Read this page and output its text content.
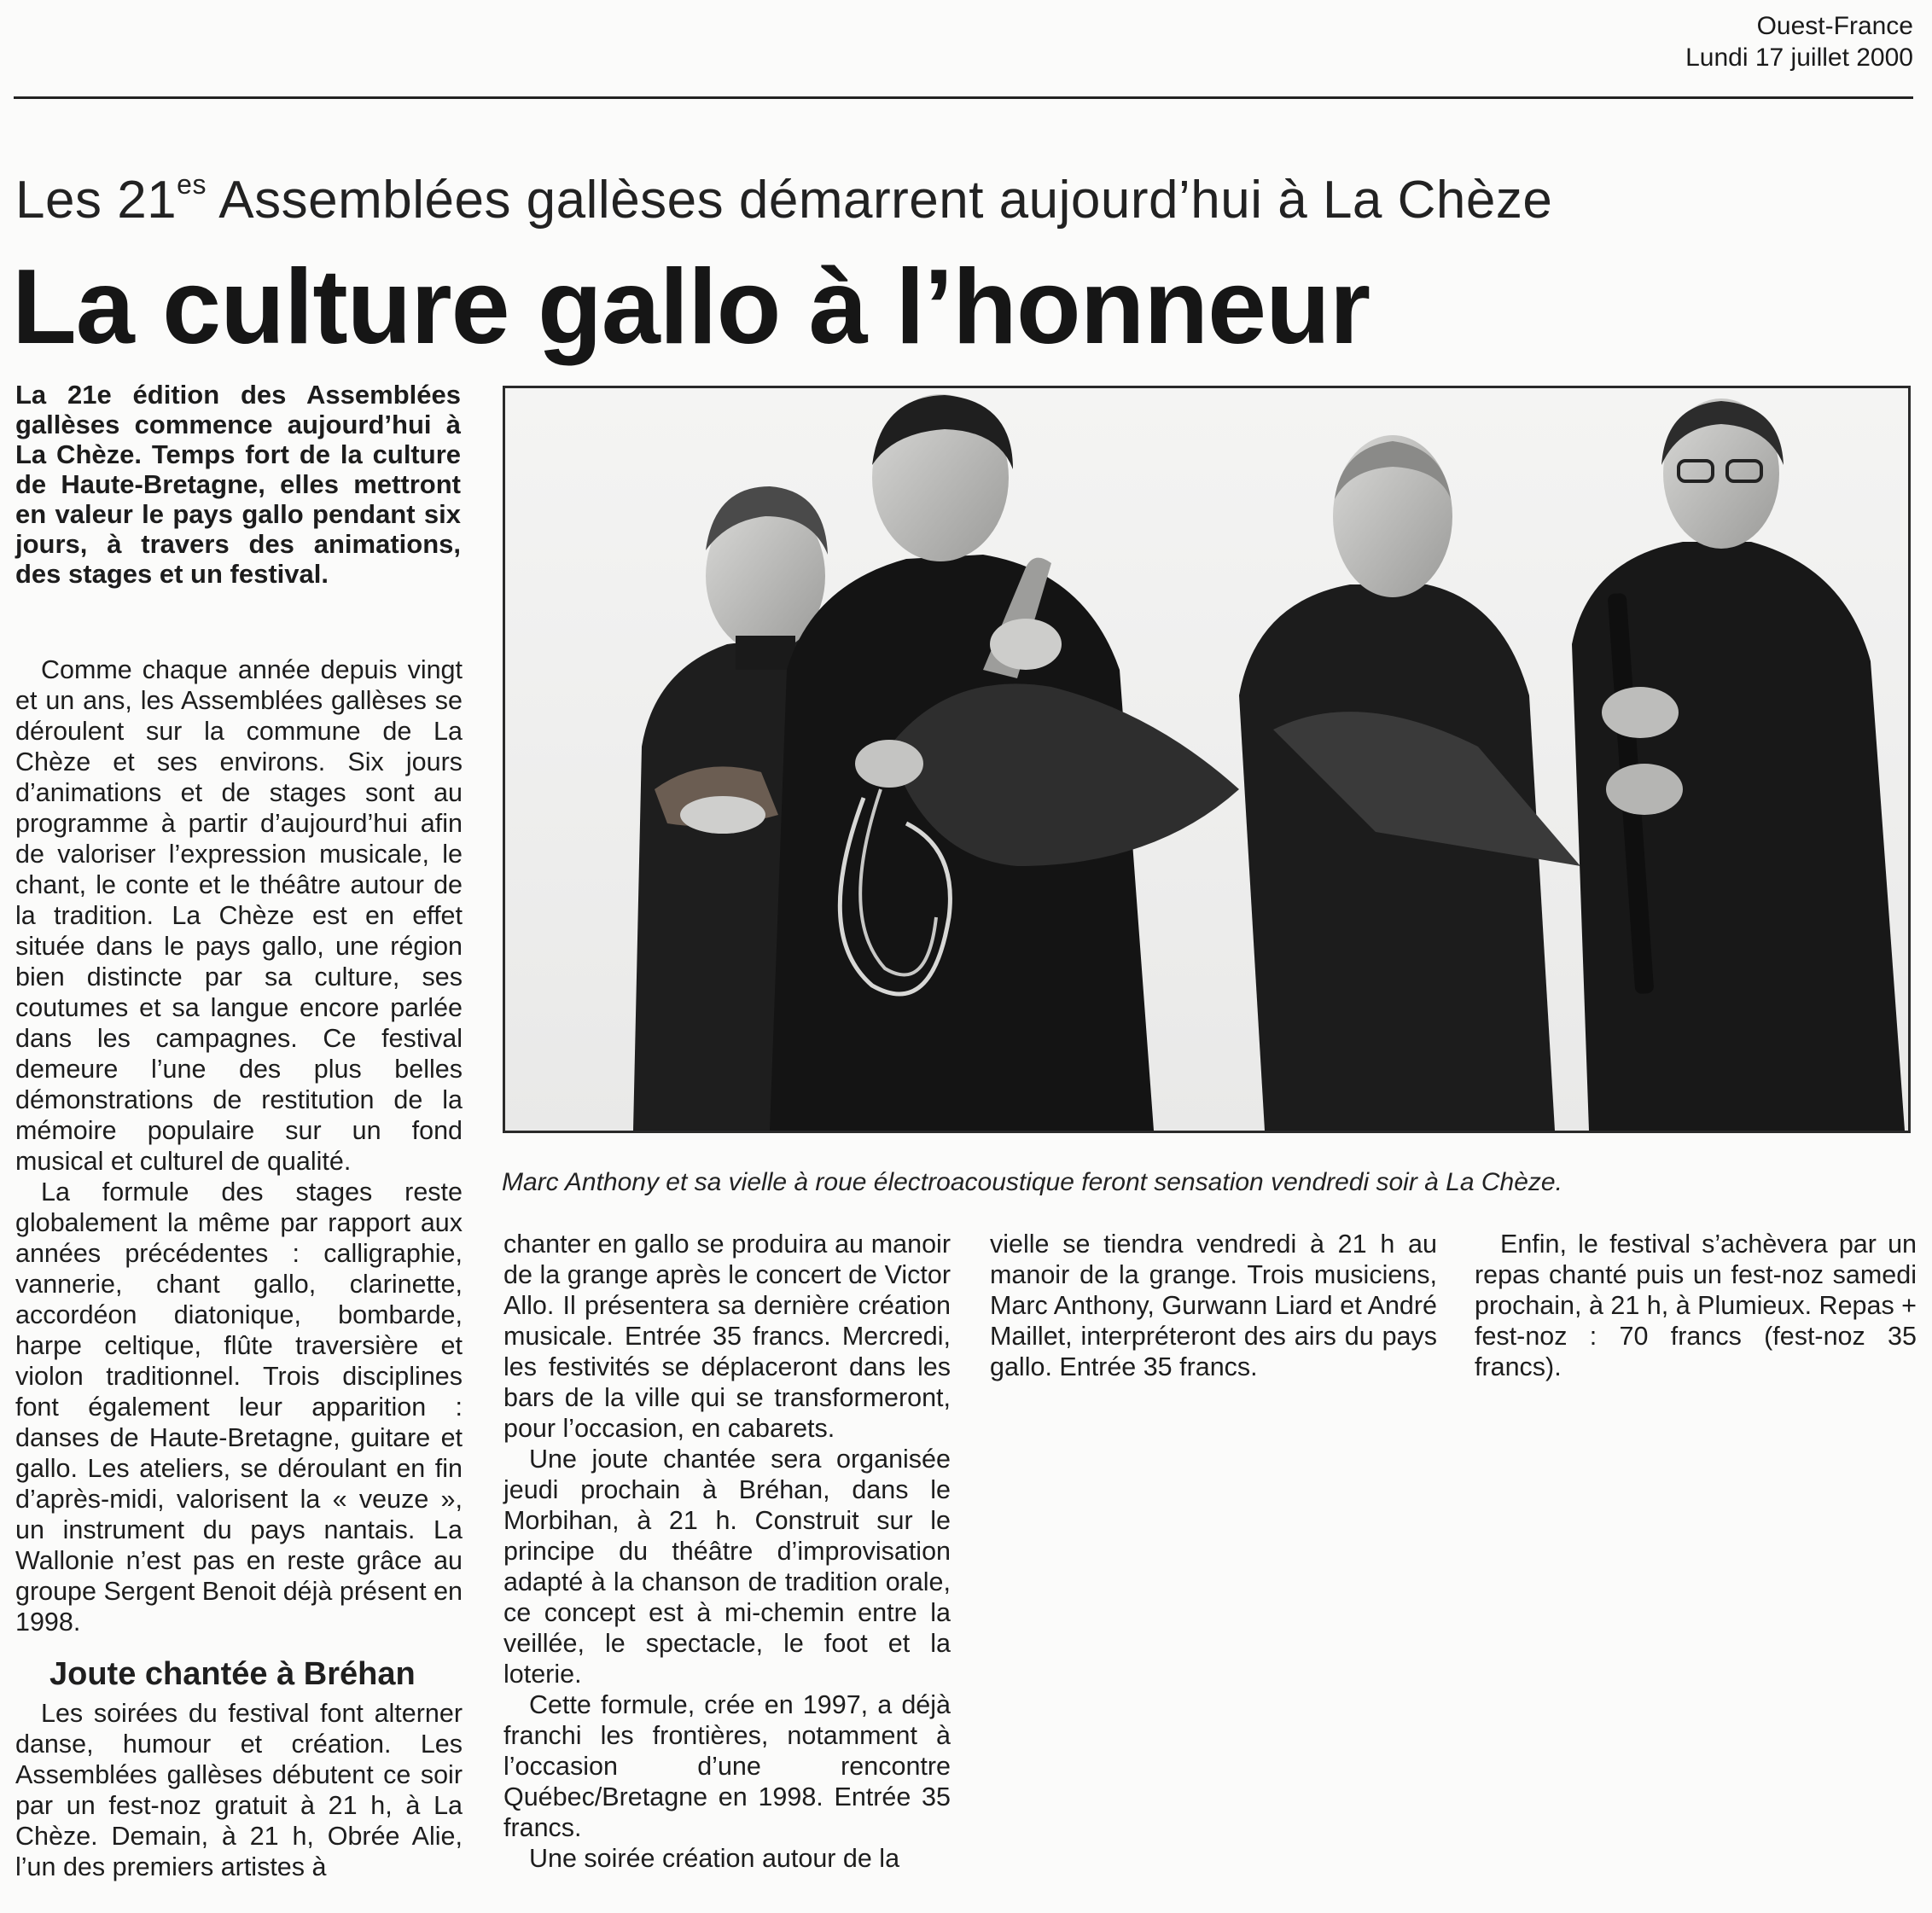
Ouest-France
Lundi 17 juillet 2000
Les $21^{es}$ Assemblées gallèses démarrent aujourd’hui à La Chèze
La culture gallo à l’honneur
La 21e édition des Assemblées gallèses commence aujourd’hui à La Chèze. Temps fort de la culture de Haute-Bretagne, elles mettront en valeur le pays gallo pendant six jours, à travers des animations, des stages et un festival.

Comme chaque année depuis vingt et un ans, les Assemblées gallèses se déroulent sur la commune de La Chèze et ses environs. Six jours d’animations et de stages sont au programme à partir d’aujourd’hui afin de valoriser l’expression musicale, le chant, le conte et le théâtre autour de la tradition. La Chèze est en effet située dans le pays gallo, une région bien distincte par sa culture, ses coutumes et sa langue encore parlée dans les campagnes. Ce festival demeure l’une des plus belles démonstrations de restitution de la mémoire populaire sur un fond musical et culturel de qualité.

La formule des stages reste globalement la même par rapport aux années précédentes : calligraphie, vannerie, chant gallo, clarinette, accordéon diatonique, bombarde, harpe celtique, flûte traversière et violon traditionnel. Trois disciplines font également leur apparition : danses de Haute-Bretagne, guitare et gallo. Les ateliers, se déroulant en fin d’après-midi, valorisent la « veuze », un instrument du pays nantais. La Wallonie n’est pas en reste grâce au groupe Sergent Benoit déjà présent en 1998.

Joute chantée à Bréhan

Les soirées du festival font alterner danse, humour et création. Les Assemblées gallèses débutent ce soir par un fest-noz gratuit à 21 h, à La Chèze. Demain, à 21 h, Obrée Alie, l’un des premiers artistes à

Marc Anthony et sa vielle à roue électroacoustique feront sensation vendredi soir à La Chèze.

chanter en gallo se produira au manoir de la grange après le concert de Victor Allo. Il présentera sa dernière création musicale. Entrée 35 francs. Mercredi, les festivités se déplaceront dans les bars de la ville qui se transformeront, pour l’occasion, en cabarets.

Une joute chantée sera organisée jeudi prochain à Bréhan, dans le Morbihan, à 21 h. Construit sur le principe du théâtre d’improvisation adapté à la chanson de tradition orale, ce concept est à mi-chemin entre la veillée, le spectacle, le foot et la loterie.

Cette formule, crée en 1997, a déjà franchi les frontières, notamment à l’occasion d’une rencontre Québec/Bretagne en 1998. Entrée 35 francs.

Une soirée création autour de la

vielle se tiendra vendredi à 21 h au manoir de la grange. Trois musiciens, Marc Anthony, Gurwann Liard et André Maillet, interpréteront des airs du pays gallo. Entrée 35 francs.

Enfin, le festival s’achèvera par un repas chanté puis un fest-noz samedi prochain, à 21 h, à Plumieux. Repas + fest-noz : 70 francs (fest-noz 35 francs).
